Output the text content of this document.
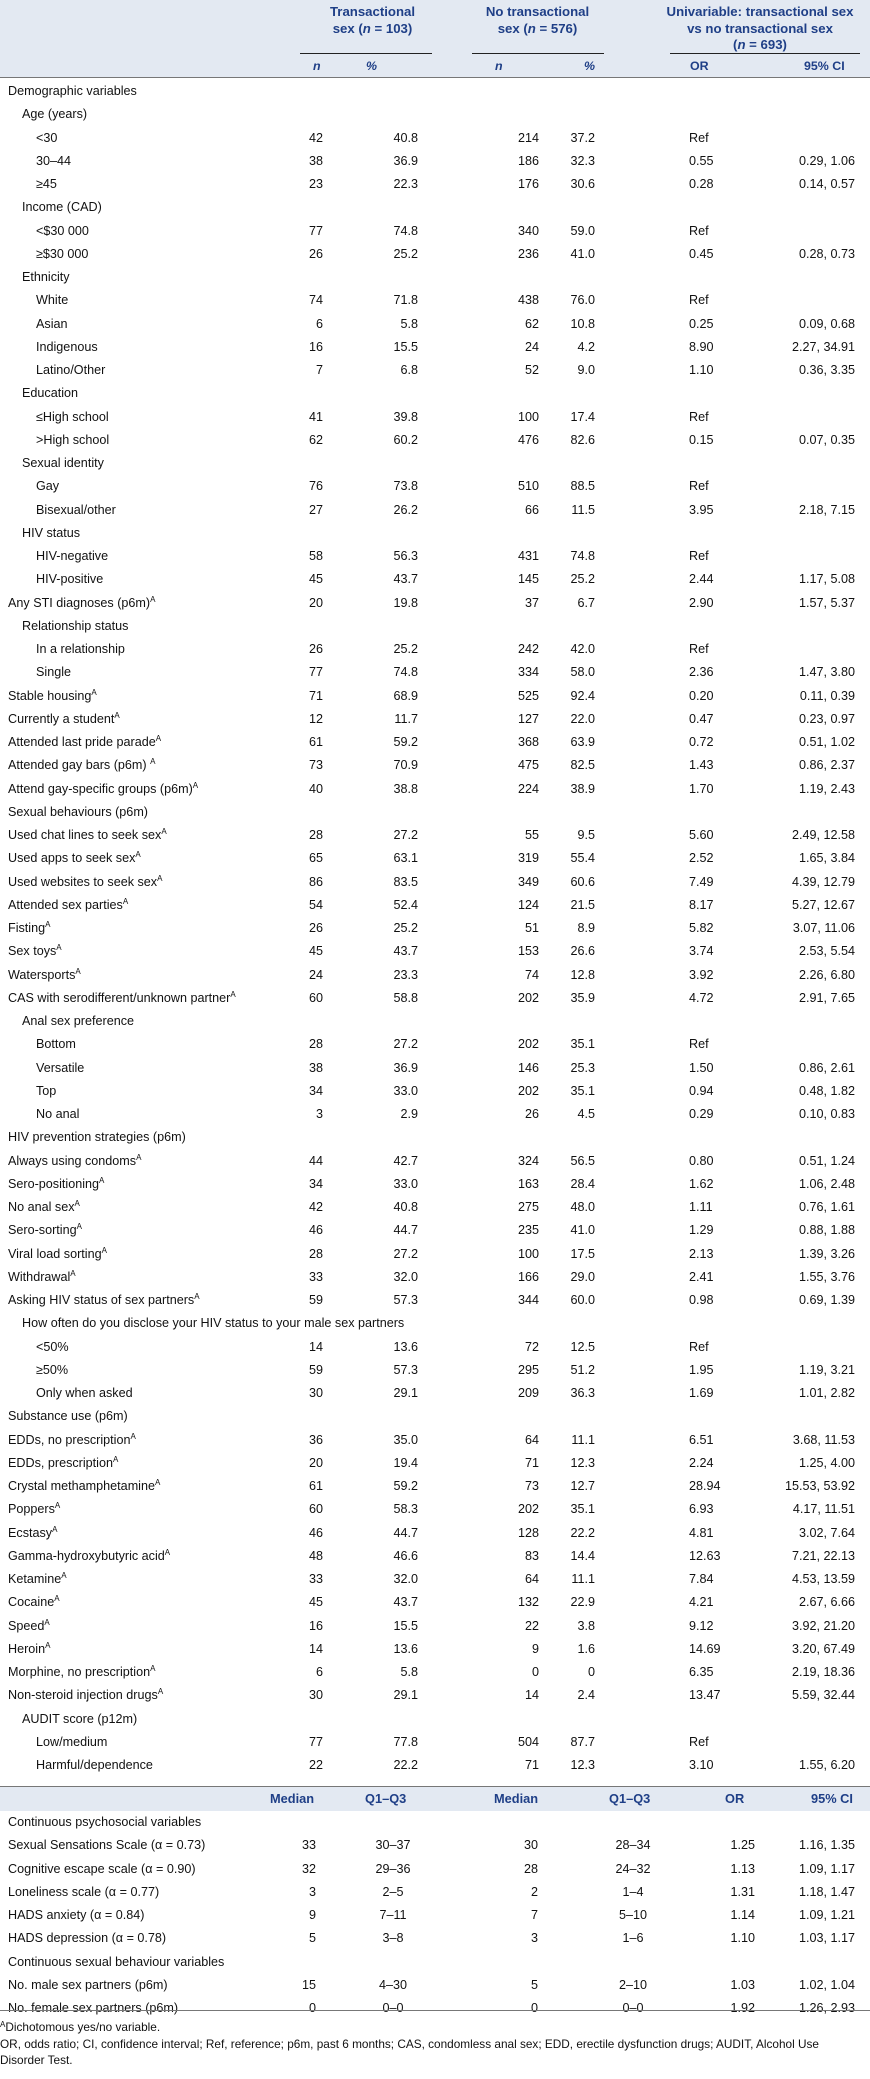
Transactional
sex (n = 103)
No transactional
sex (n = 576)
Univariable: transactional sex
vs no transactional sex
(n = 693)
n	%	n	%	OR	95% CI
Demographic variables
Age (years)
<30	42	40.8	214	37.2	Ref
30–44	38	36.9	186	32.3	0.55	0.29, 1.06
≥45	23	22.3	176	30.6	0.28	0.14, 0.57
Income (CAD)
<$30 000	77	74.8	340	59.0	Ref
≥$30 000	26	25.2	236	41.0	0.45	0.28, 0.73
Ethnicity
White	74	71.8	438	76.0	Ref
Asian	6	5.8	62	10.8	0.25	0.09, 0.68
Indigenous	16	15.5	24	4.2	8.90	2.27, 34.91
Latino/Other	7	6.8	52	9.0	1.10	0.36, 3.35
Education
≤High school	41	39.8	100	17.4	Ref
>High school	62	60.2	476	82.6	0.15	0.07, 0.35
Sexual identity
Gay	76	73.8	510	88.5	Ref
Bisexual/other	27	26.2	66	11.5	3.95	2.18, 7.15
HIV status
HIV-negative	58	56.3	431	74.8	Ref
HIV-positive	45	43.7	145	25.2	2.44	1.17, 5.08
Any STI diagnoses $(p6m)^A$	20	19.8	37	6.7	2.90	1.57, 5.37
Relationship status
In a relationship	26	25.2	242	42.0	Ref
Single	77	74.8	334	58.0	2.36	1.47, 3.80
Stable housing$^A$	71	68.9	525	92.4	0.20	0.11, 0.39
Currently a student$^A$	12	11.7	127	22.0	0.47	0.23, 0.97
Attended last pride parade$^A$	61	59.2	368	63.9	0.72	0.51, 1.02
Attended gay bars (p6m) $^A$	73	70.9	475	82.5	1.43	0.86, 2.37
Attend gay-specific groups $(p6m)^A$	40	38.8	224	38.9	1.70	1.19, 2.43
Sexual behaviours (p6m)
Used chat lines to seek sex$^A$	28	27.2	55	9.5	5.60	2.49, 12.58
Used apps to seek sex$^A$	65	63.1	319	55.4	2.52	1.65, 3.84
Used websites to seek sex$^A$	86	83.5	349	60.6	7.49	4.39, 12.79
Attended sex parties$^A$	54	52.4	124	21.5	8.17	5.27, 12.67
Fisting$^A$	26	25.2	51	8.9	5.82	3.07, 11.06
Sex toys$^A$	45	43.7	153	26.6	3.74	2.53, 5.54
Watersports$^A$	24	23.3	74	12.8	3.92	2.26, 6.80
CAS with serodifferent/unknown partner$^A$	60	58.8	202	35.9	4.72	2.91, 7.65
Anal sex preference
Bottom	28	27.2	202	35.1	Ref
Versatile	38	36.9	146	25.3	1.50	0.86, 2.61
Top	34	33.0	202	35.1	0.94	0.48, 1.82
No anal	3	2.9	26	4.5	0.29	0.10, 0.83
HIV prevention strategies (p6m)
Always using condoms$^A$	44	42.7	324	56.5	0.80	0.51, 1.24
Sero-positioning$^A$	34	33.0	163	28.4	1.62	1.06, 2.48
No anal sex$^A$	42	40.8	275	48.0	1.11	0.76, 1.61
Sero-sorting$^A$	46	44.7	235	41.0	1.29	0.88, 1.88
Viral load sorting$^A$	28	27.2	100	17.5	2.13	1.39, 3.26
Withdrawal$^A$	33	32.0	166	29.0	2.41	1.55, 3.76
Asking HIV status of sex partners$^A$	59	57.3	344	60.0	0.98	0.69, 1.39
How often do you disclose your HIV status to your male sex partners
<50%	14	13.6	72	12.5	Ref
≥50%	59	57.3	295	51.2	1.95	1.19, 3.21
Only when asked	30	29.1	209	36.3	1.69	1.01, 2.82
Substance use (p6m)
EDDs, no prescription$^A$	36	35.0	64	11.1	6.51	3.68, 11.53
EDDs, prescription$^A$	20	19.4	71	12.3	2.24	1.25, 4.00
Crystal methamphetamine$^A$	61	59.2	73	12.7	28.94	15.53, 53.92
Poppers$^A$	60	58.3	202	35.1	6.93	4.17, 11.51
Ecstasy$^A$	46	44.7	128	22.2	4.81	3.02, 7.64
Gamma-hydroxybutyric acid$^A$	48	46.6	83	14.4	12.63	7.21, 22.13
Ketamine$^A$	33	32.0	64	11.1	7.84	4.53, 13.59
Cocaine$^A$	45	43.7	132	22.9	4.21	2.67, 6.66
Speed$^A$	16	15.5	22	3.8	9.12	3.92, 21.20
Heroin$^A$	14	13.6	9	1.6	14.69	3.20, 67.49
Morphine, no prescription$^A$	6	5.8	0	0	6.35	2.19, 18.36
Non-steroid injection drugs$^A$	30	29.1	14	2.4	13.47	5.59, 32.44
AUDIT score (p12m)
Low/medium	77	77.8	504	87.7	Ref
Harmful/dependence	22	22.2	71	12.3	3.10	1.55, 6.20
Median	Q1–Q3	Median	Q1–Q3	OR	95% CI
Continuous psychosocial variables
Sexual Sensations Scale (α = 0.73)	33	30–37	30	28–34	1.25	1.16, 1.35
Cognitive escape scale (α = 0.90)	32	29–36	28	24–32	1.13	1.09, 1.17
Loneliness scale (α = 0.77)	3	2–5	2	1–4	1.31	1.18, 1.47
HADS anxiety (α = 0.84)	9	7–11	7	5–10	1.14	1.09, 1.21
HADS depression (α = 0.78)	5	3–8	3	1–6	1.10	1.03, 1.17
Continuous sexual behaviour variables
No. male sex partners (p6m)	15	4–30	5	2–10	1.03	1.02, 1.04
No. female sex partners (p6m)	0	0–0	0	0–0	1.92	1.26, 2.93
$^A$Dichotomous yes/no variable.
OR, odds ratio; CI, confidence interval; Ref, reference; p6m, past 6 months; CAS, condomless anal sex; EDD, erectile dysfunction drugs; AUDIT, Alcohol Use Disorder Test.
